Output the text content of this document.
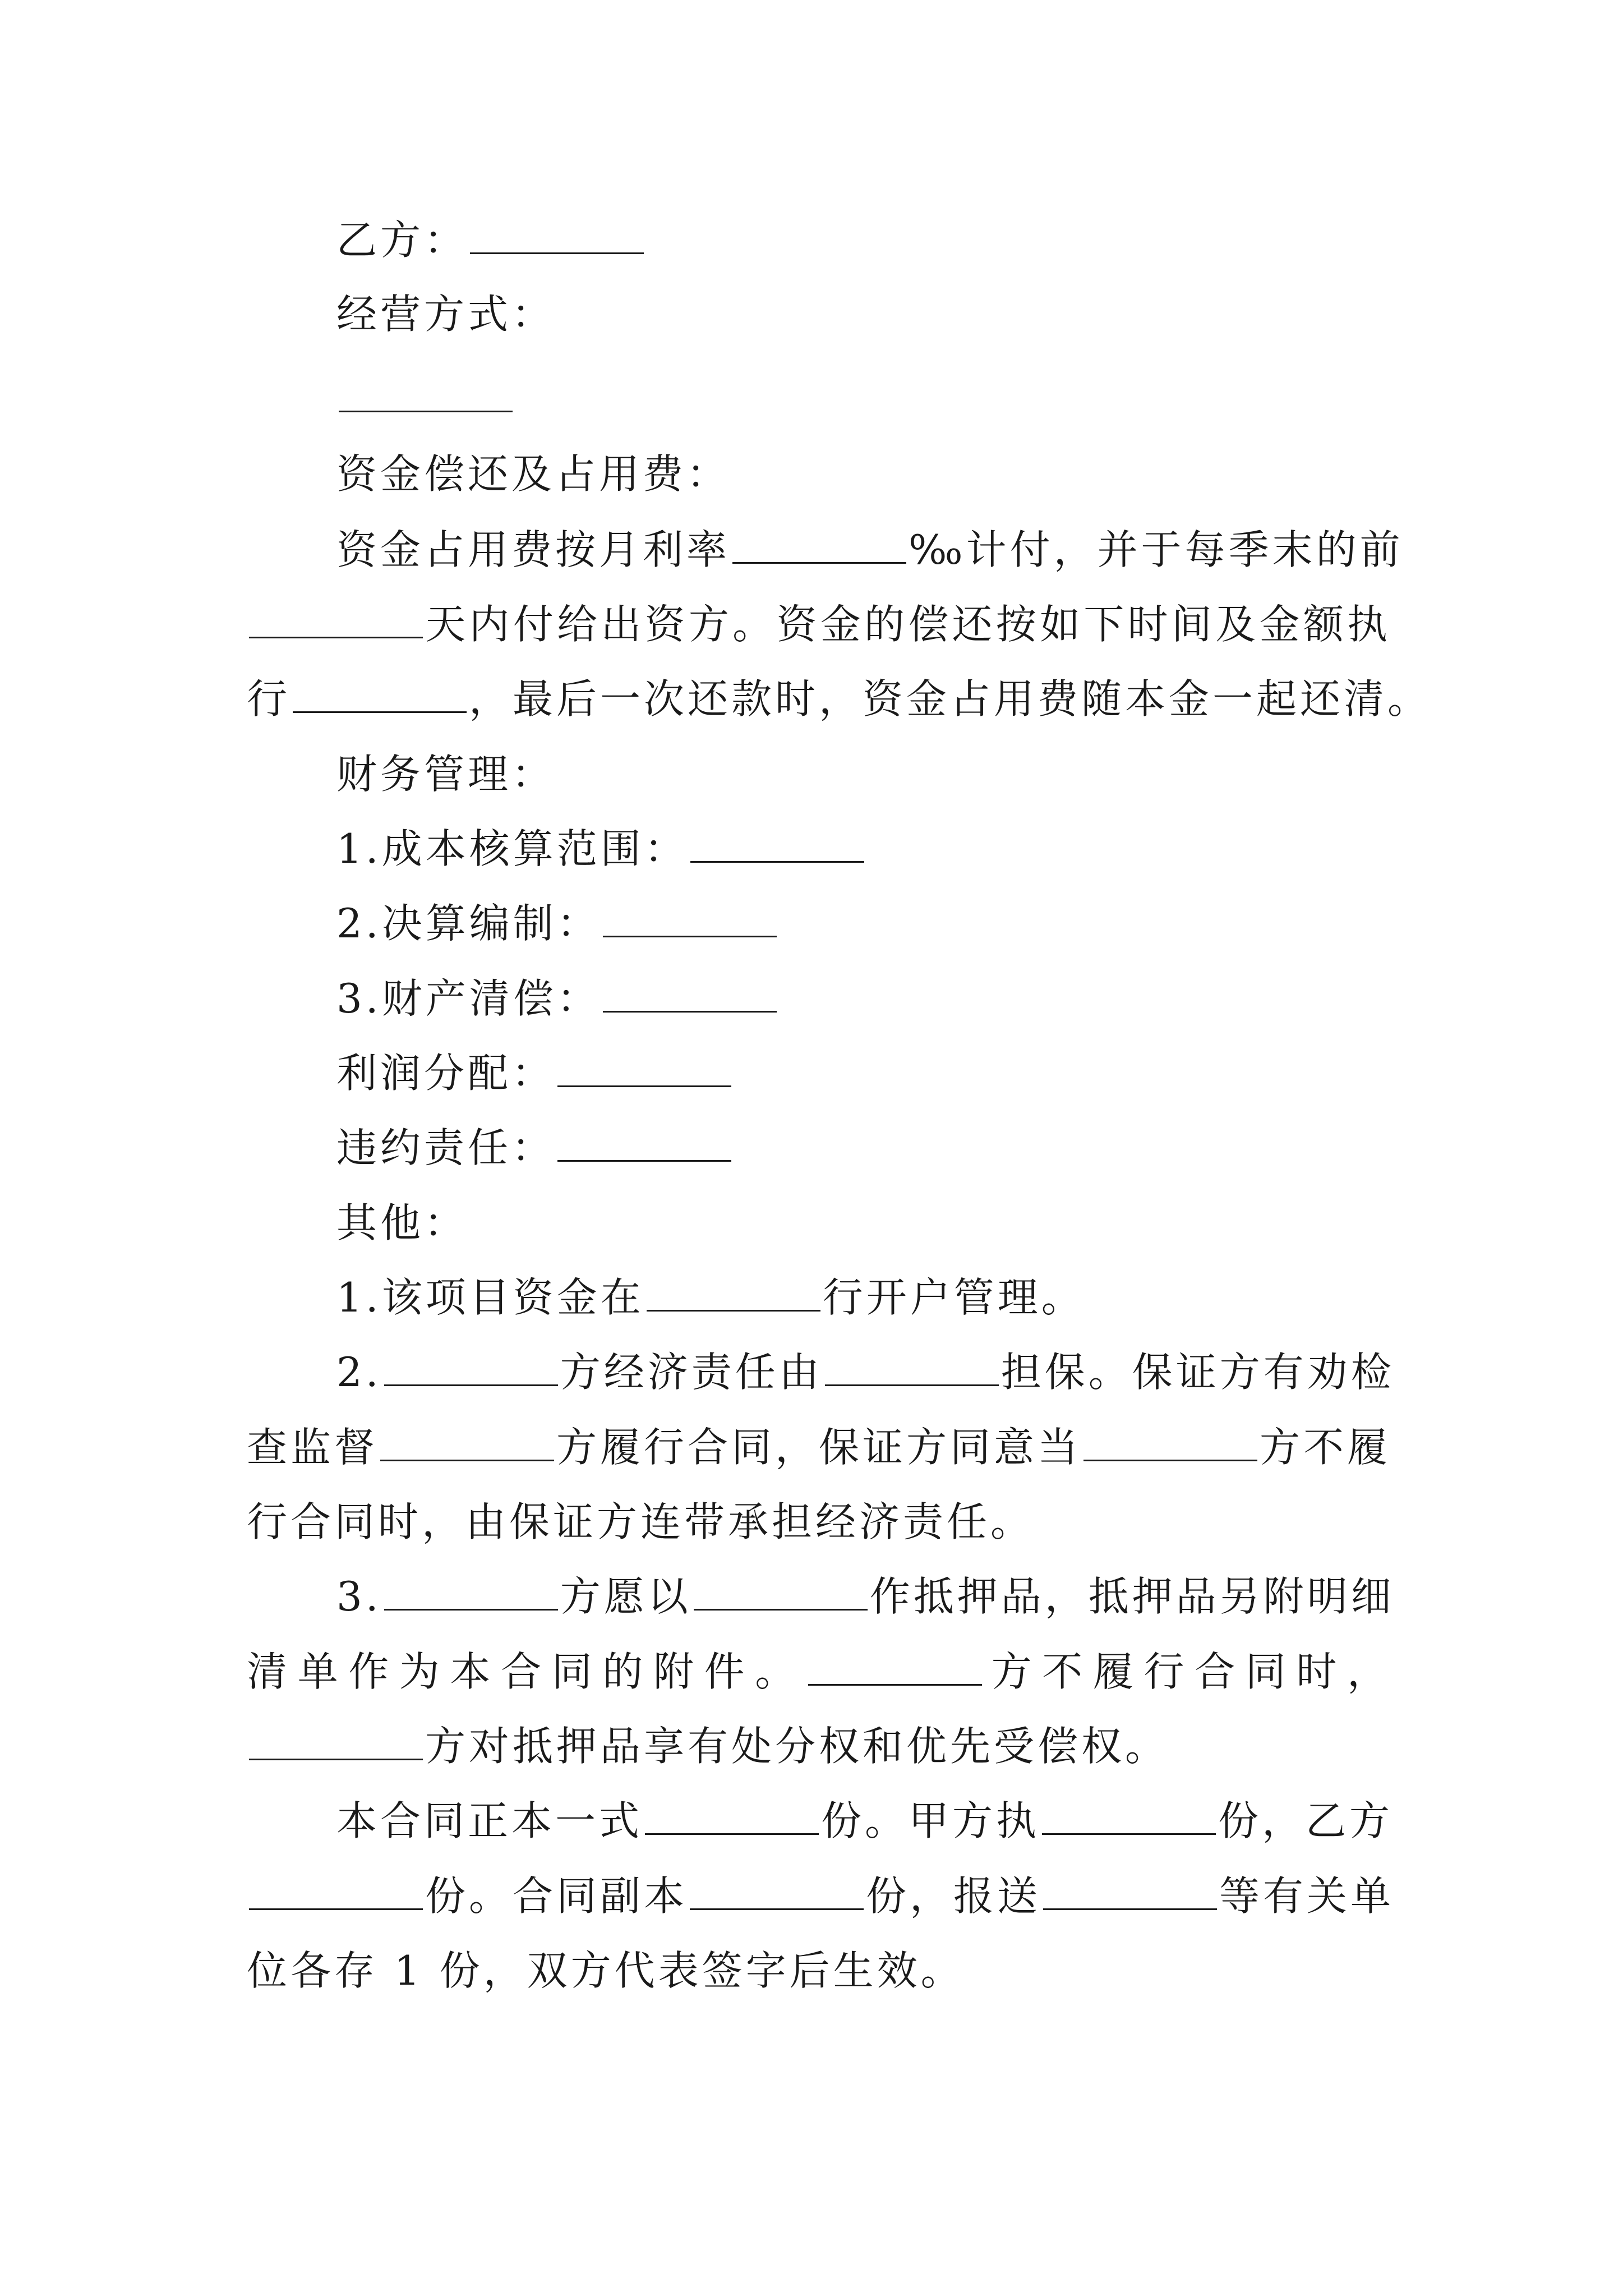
乙方：
经营方式：
资金偿还及占用费：
资金占用费按月利率	‰计付，并于每季末的前
天内付给出资方。资金的偿还按如下时间及金额执
行	，最后一次还款时，资金占用费随本金一起还清。
财务管理：
1.成本核算范围：
2.决算编制：
3.财产清偿：
利润分配：
违约责任：
其他：
1.该项目资金在	行开户管理。
2.	方经济责任由	担保。保证方有劝检
查监督	方履行合同，保证方同意当	方不履
行合同时，由保证方连带承担经济责任。
3.	方愿以	作抵押品，抵押品另附明细
清单作为本合同的附件。	方不履行合同时，
方对抵押品享有处分权和优先受偿权。
本合同正本一式	份。甲方执	份，乙方
份。合同副本	份，报送	等有关单
位各存 1 份，双方代表签字后生效。
